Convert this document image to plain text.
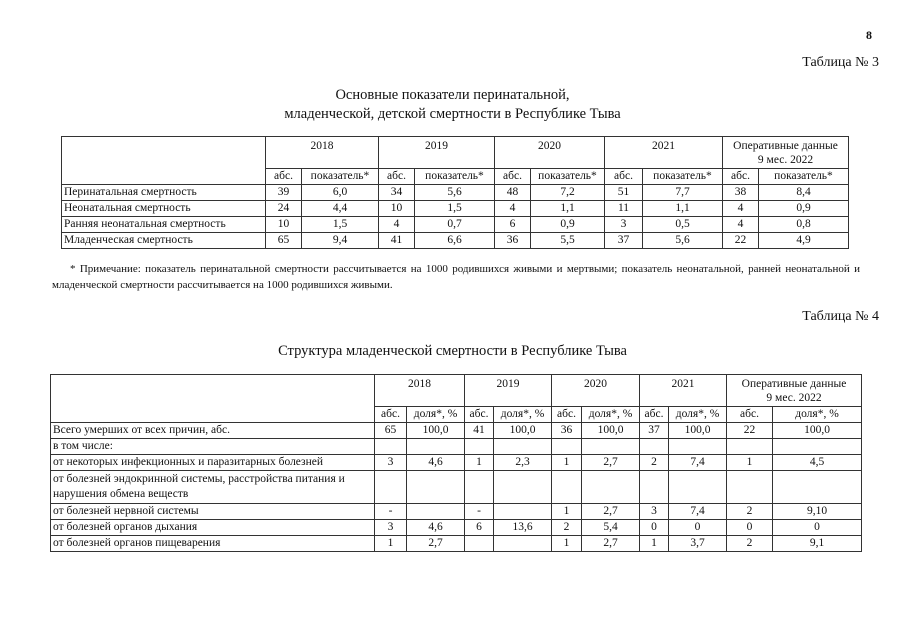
8
Таблица № 3
Основные показатели перинатальной,
младенческой, детской смертности в Республике Тыва
	2018		2019		2020		2021		Оперативные данные
9 мес. 2022	

	абс.	показатель*	абс.	показатель*	абс.	показатель*	абс.	показатель*	абс.	показатель*
Перинатальная смертность	39	6,0	34	5,6	48	7,2	51	7,7	38	8,4
Неонатальная смертность	24	4,4	10	1,5	4	1,1	11	1,1	4	0,9
Ранняя неонатальная смертность	10	1,5	4	0,7	6	0,9	3	0,5	4	0,8
Младенческая смертность	65	9,4	41	6,6	36	5,5	37	5,6	22	4,9
* Примечание: показатель перинатальной смертности рассчитывается на 1000 родившихся живыми и мертвыми; показатель неонатальной, ранней неонатальной и младенческой смертности рассчитывается на 1000 родившихся живыми.
Таблица № 4
Структура младенческой смертности в Республике Тыва
	2018		2019		2020		2021		Оперативные данные
9 мес. 2022	

	абс.	доля*, %	абс.	доля*, %	абс.	доля*, %	абс.	доля*, %	абс.	доля*, %
Всего умерших от всех причин, абс.	65	100,0	41	100,0	36	100,0	37	100,0	22	100,0
в том числе:										
от некоторых инфекционных и паразитарных болезней	3	4,6	1	2,3	1	2,7	2	7,4	1	4,5
от болезней эндокринной системы, расстройства питания и нарушения обмена веществ										
от болезней нервной системы	-		-		1	2,7	3	7,4	2	9,10
от болезней органов дыхания	3	4,6	6	13,6	2	5,4	0	0	0	0
от болезней органов пищеварения	1	2,7			1	2,7	1	3,7	2	9,1
